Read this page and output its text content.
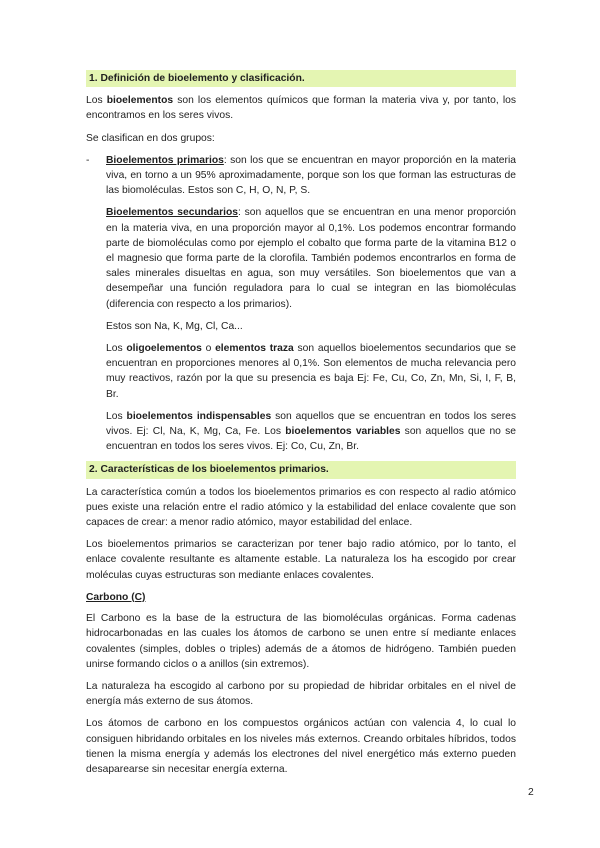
1. Definición de bioelemento y clasificación.

Los bioelementos son los elementos químicos que forman la materia viva y, por tanto, los encontramos en los seres vivos.

Se clasifican en dos grupos:

- Bioelementos primarios: son los que se encuentran en mayor proporción en la materia viva, en torno a un 95% aproximadamente, porque son los que forman las estructuras de las biomoléculas. Estos son C, H, O, N, P, S.

Bioelementos secundarios: son aquellos que se encuentran en una menor proporción en la materia viva, en una proporción mayor al 0,1%. Los podemos encontrar formando parte de biomoléculas como por ejemplo el cobalto que forma parte de la vitamina B12 o el magnesio que forma parte de la clorofila. También podemos encontrarlos en forma de sales minerales disueltas en agua, son muy versátiles. Son bioelementos que van a desempeñar una función reguladora para lo cual se integran en las biomoléculas (diferencia con respecto a los primarios).

Estos son Na, K, Mg, Cl, Ca...

Los oligoelementos o elementos traza son aquellos bioelementos secundarios que se encuentran en proporciones menores al 0,1%. Son elementos de mucha relevancia pero muy reactivos, razón por la que su presencia es baja Ej: Fe, Cu, Co, Zn, Mn, Si, I, F, B, Br.

Los bioelementos indispensables son aquellos que se encuentran en todos los seres vivos. Ej: Cl, Na, K, Mg, Ca, Fe. Los bioelementos variables son aquellos que no se encuentran en todos los seres vivos. Ej: Co, Cu, Zn, Br.

2. Características de los bioelementos primarios.

La característica común a todos los bioelementos primarios es con respecto al radio atómico pues existe una relación entre el radio atómico y la estabilidad del enlace covalente que son capaces de crear: a menor radio atómico, mayor estabilidad del enlace.

Los bioelementos primarios se caracterizan por tener bajo radio atómico, por lo tanto, el enlace covalente resultante es altamente estable. La naturaleza los ha escogido por crear moléculas cuyas estructuras son mediante enlaces covalentes.

Carbono (C)

El Carbono es la base de la estructura de las biomoléculas orgánicas. Forma cadenas hidrocarbonadas en las cuales los átomos de carbono se unen entre sí mediante enlaces covalentes (simples, dobles o triples) además de a átomos de hidrógeno. También pueden unirse formando ciclos o a anillos (sin extremos).

La naturaleza ha escogido al carbono por su propiedad de hibridar orbitales en el nivel de energía más externo de sus átomos.

Los átomos de carbono en los compuestos orgánicos actúan con valencia 4, lo cual lo consiguen hibridando orbitales en los niveles más externos. Creando orbitales híbridos, todos tienen la misma energía y además los electrones del nivel energético más externo pueden desaparearse sin necesitar energía externa.

2
